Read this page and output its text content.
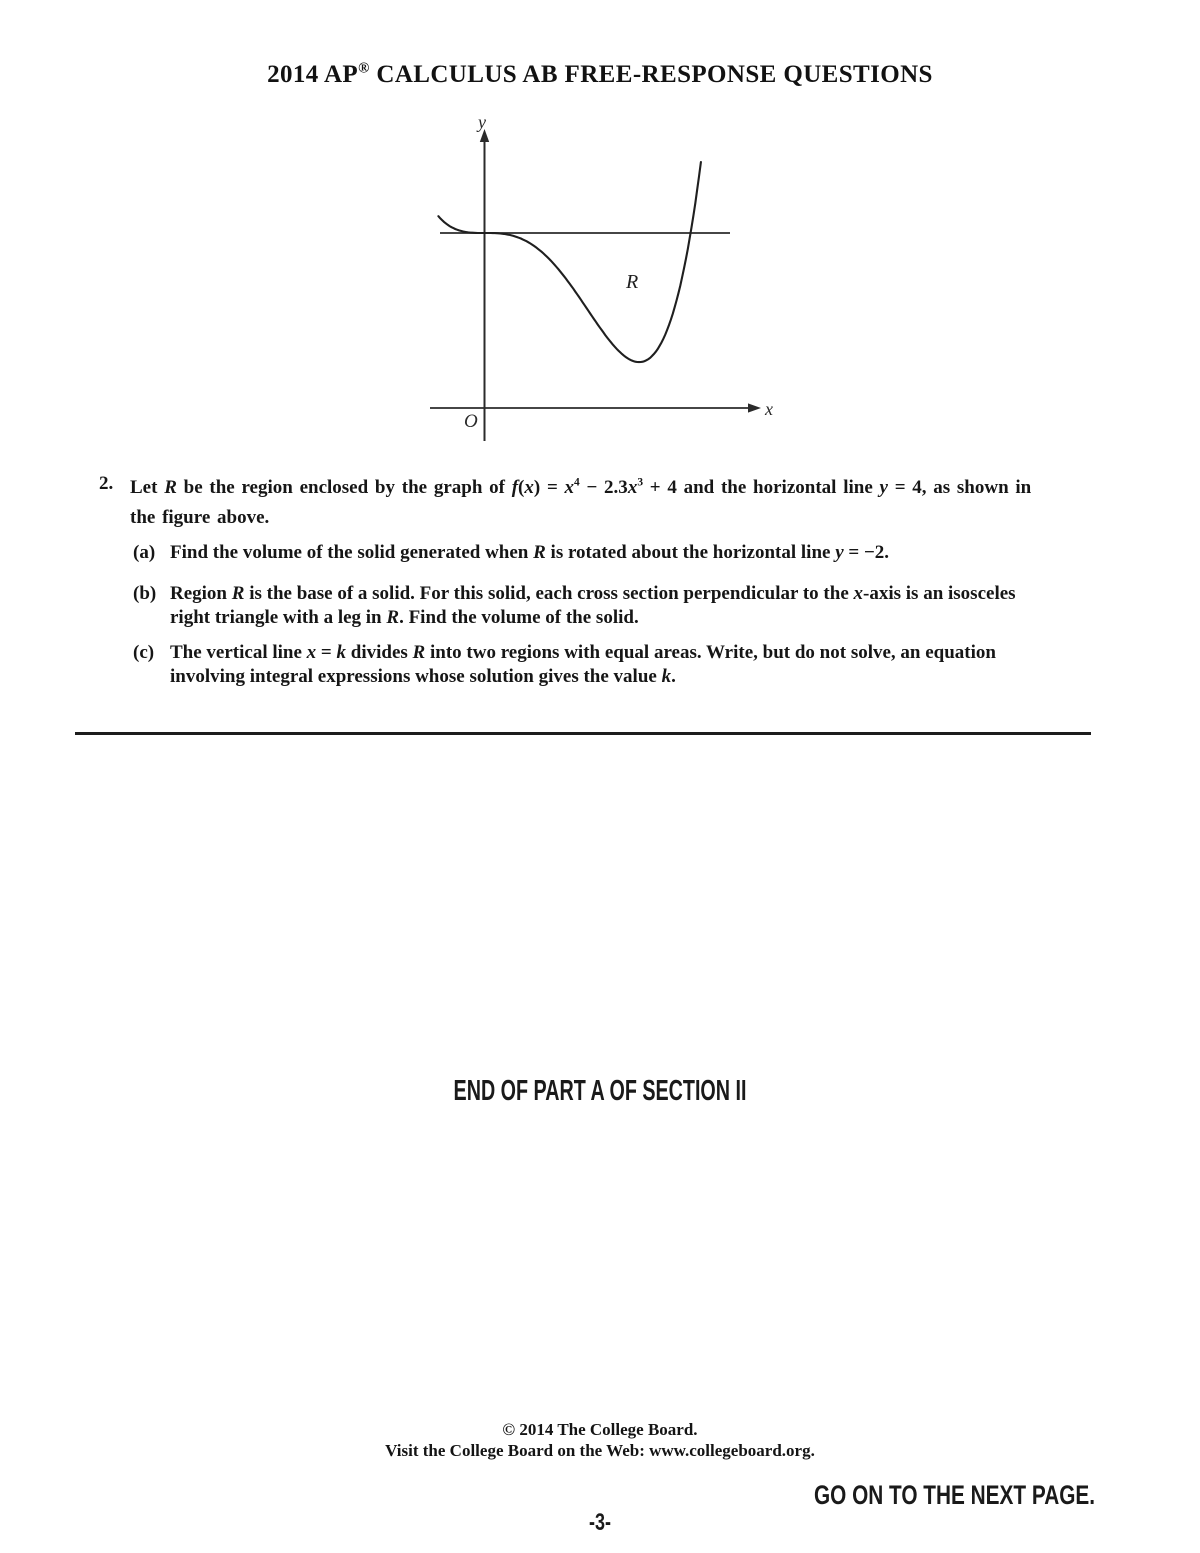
2014 AP® CALCULUS AB FREE-RESPONSE QUESTIONS
y
x
O
R
2. Let R be the region enclosed by the graph of $f(x) = x^4 - 2.3x^3 + 4$ and the horizontal line y = 4, as shown in
the figure above.
(a) Find the volume of the solid generated when R is rotated about the horizontal line y = −2.
(b) Region R is the base of a solid. For this solid, each cross section perpendicular to the x-axis is an isosceles
right triangle with a leg in R. Find the volume of the solid.
(c) The vertical line x = k divides R into two regions with equal areas. Write, but do not solve, an equation
involving integral expressions whose solution gives the value k.
END OF PART A OF SECTION II
© 2014 The College Board.
Visit the College Board on the Web: www.collegeboard.org.
GO ON TO THE NEXT PAGE.
-3-
